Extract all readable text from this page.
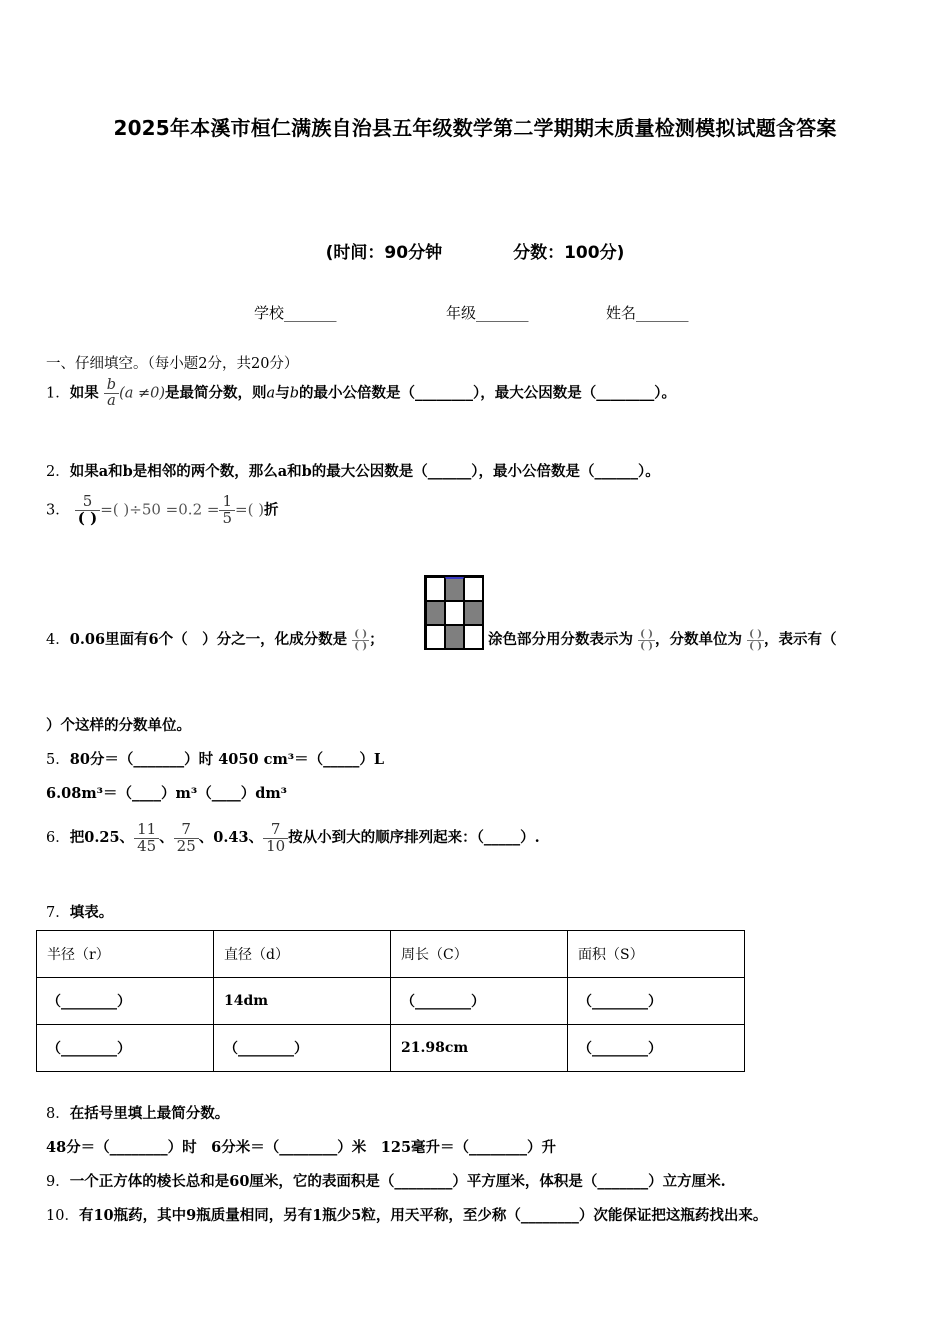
2025年本溪市桓仁满族自治县五年级数学第二学期期末质量检测模拟试题含答案
(时间：90分钟            分数：100分)
学校_______	年级_______	姓名_______
一、仔细填空。（每小题2分，共20分）
1．如果 $\frac{b}{a} (a \ne 0)$是最简分数，则a与b的最小公倍数是（________），最大公因数是（________）。
2．如果a和b是相邻的两个数，那么a和b的最大公因数是（______），最小公倍数是（______）。
3． $\frac{5}{( )}$ =( )$\div 50 =0.2 = \frac{1}{5}$ =( )折
4．0.06里面有6个（　）分之一，化成分数是 $\frac{( )}{( )}$ ；	涂色部分用分数表示为 $\frac{( )}{( )}$ ，分数单位为 $\frac{( )}{( )}$ ，表示有（
）个这样的分数单位。
5．80分＝（_______）时 4050 cm³＝（_____）L
6.08m³＝（____）m³（____）dm³
6．把0.25、 $\frac{11}{45}$ 、 $\frac{7}{25}$ 、0.43、 $\frac{7}{10}$ 按从小到大的顺序排列起来：（_____）.
7．填表。
半径（r）	直径（d）	周长（C）	面积（S）
（________）	14dm	（________）	（________）
（________）	（________）	21.98cm	（________）
8．在括号里填上最简分数。
48分＝（________）时　6分米＝（________）米　125毫升＝（________）升
9．一个正方体的棱长总和是60厘米，它的表面积是（________）平方厘米，体积是（_______）立方厘米.
10．有10瓶药，其中9瓶质量相同，另有1瓶少5粒，用天平称，至少称（________）次能保证把这瓶药找出来。
